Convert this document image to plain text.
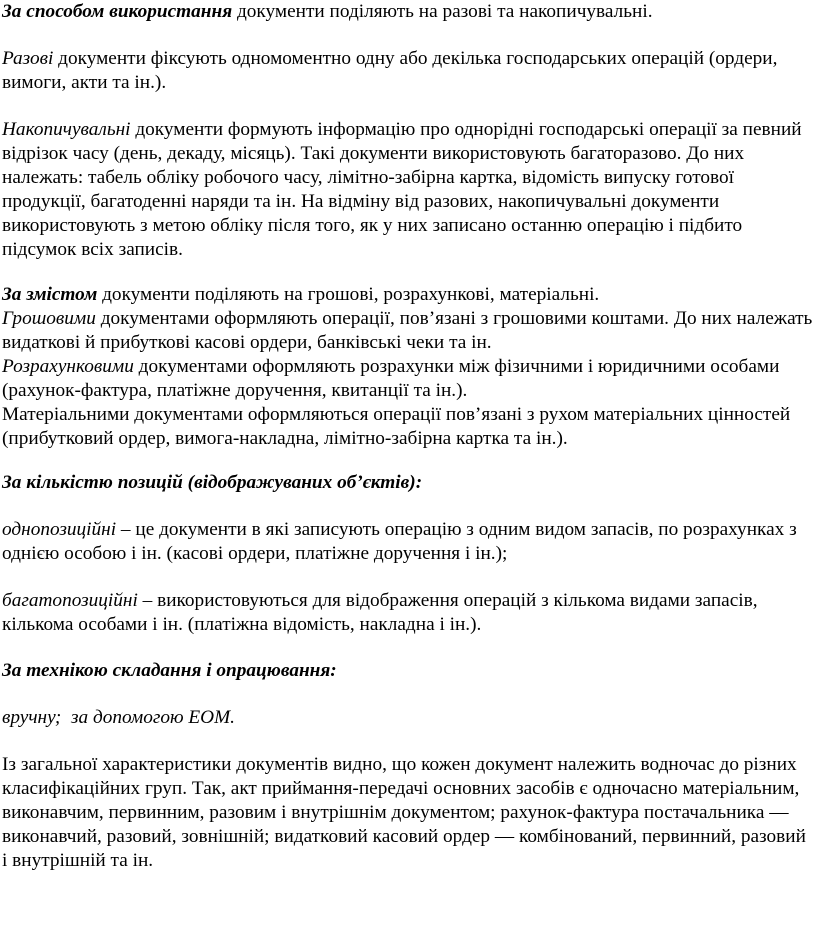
За способом використання документи поділяють на разові та накопичувальні.

Разові документи фіксують одномоментно одну або декілька господарських операцій (ордери, вимоги, акти та ін.).

Накопичувальні документи формують інформацію про однорідні господарські операції за певний відрізок часу (день, декаду, місяць). Такі документи використовують багаторазово. До них належать: табель обліку робочого часу, лімітно-забірна картка, відомість випуску готової продукції, багатоденні наряди та ін. На відміну від разових, накопичувальні документи використовують з метою обліку після того, як у них записано останню операцію і підбито підсумок всіх записів.

За змістом документи поділяють на грошові, розрахункові, матеріальні.
Грошовими документами оформляють операції, пов’язані з грошовими коштами. До них належать видаткові й прибуткові касові ордери, банківські чеки та ін.
Розрахунковими документами оформляють розрахунки між фізичними і юридичними особами (рахунок-фактура, платіжне доручення, квитанції та ін.).
Матеріальними документами оформляються операції пов’язані з рухом матеріальних цінностей (прибутковий ордер, вимога-накладна, лімітно-забірна картка та ін.).

За кількістю позицій (відображуваних об’єктів):

однопозиційні – це документи в які записують операцію з одним видом запасів, по розрахунках з однією особою і ін. (касові ордери, платіжне доручення і ін.);

багатопозиційні – використовуються для відображення операцій з кількома видами запасів, кількома особами і ін. (платіжна відомість, накладна і ін.).

За технікою складання і опрацювання:

вручну;  за допомогою ЕОМ.

Із загальної характеристики документів видно, що кожен документ належить водночас до різних класифікаційних груп. Так, акт приймання-передачі основних засобів є одночасно матеріальним, виконавчим, первинним, разовим і внутрішнім документом; рахунок-фактура постачальника — виконавчий, разовий, зовнішній; видатковий касовий ордер — комбінований, первинний, разовий і внутрішній та ін.
